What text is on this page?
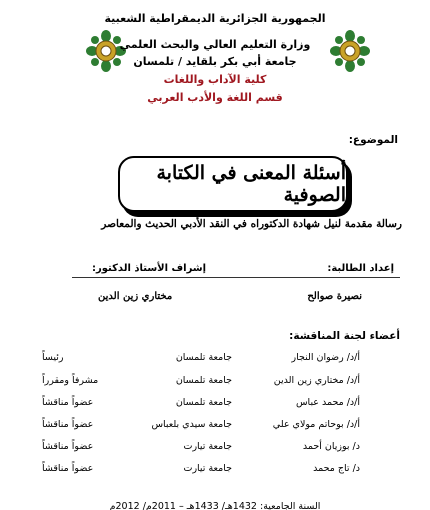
الجمهورية الجزائرية الديمقراطية الشعبية
وزارة التعليم العالي والبحث العلمي
جامعة أبي بكر بلقايد / تلمسان
كلية الآداب واللغات
قسم اللغة والأدب العربي
الموضوع:
أسئلة المعنى في الكتابة الصوفية
رسالة مقدمة لنيل شهادة الدكتوراه في النقد الأدبي الحديث والمعاصر
إعداد الطالبة:
إشراف الأستاذ الدكتور:
نصيرة صوالح
مختاري زين الدين
أعضاء لجنة المناقشة:
أ/د/ رضوان النجار
جامعة تلمسان
رئيساً
أ/د/ مختاري زين الدين
جامعة تلمسان
مشرفاً ومقرراً
أ/د/ محمد عباس
جامعة تلمسان
عضواً مناقشاً
أ/د/ بوحاتم مولاي علي
جامعة سيدي بلعباس
عضواً مناقشاً
د/ بوزيان أحمد
جامعة تيارت
عضواً مناقشاً
د/ تاج محمد
جامعة تيارت
عضواً مناقشاً
السنة الجامعية: 1432هـ/ 1433هـ – 2011م/ 2012م
